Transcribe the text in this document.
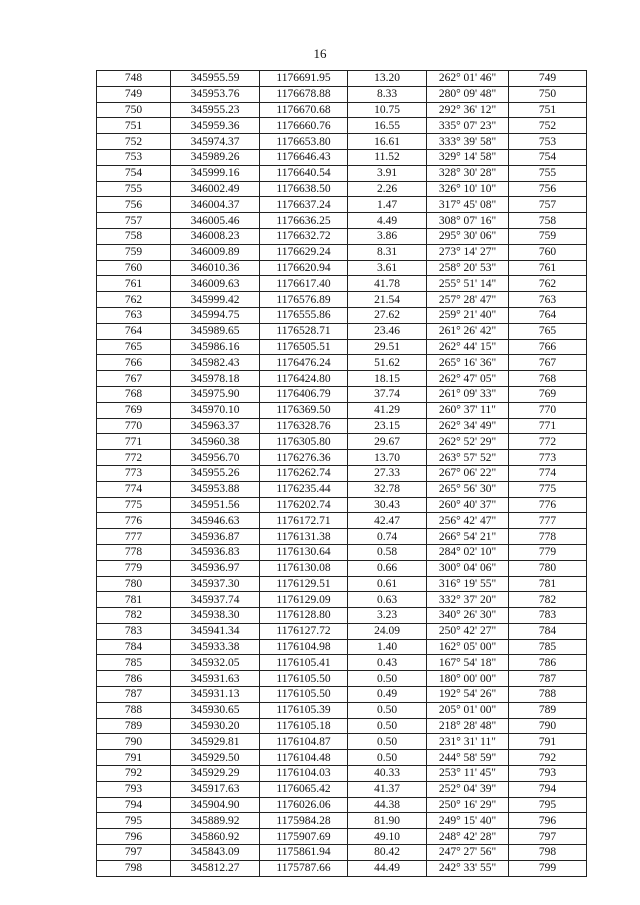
16
748	345955.59	1176691.95	13.20	262° 01' 46"	749
749	345953.76	1176678.88	8.33	280° 09' 48"	750
750	345955.23	1176670.68	10.75	292° 36' 12"	751
751	345959.36	1176660.76	16.55	335° 07' 23"	752
752	345974.37	1176653.80	16.61	333° 39' 58"	753
753	345989.26	1176646.43	11.52	329° 14' 58"	754
754	345999.16	1176640.54	3.91	328° 30' 28"	755
755	346002.49	1176638.50	2.26	326° 10' 10"	756
756	346004.37	1176637.24	1.47	317° 45' 08"	757
757	346005.46	1176636.25	4.49	308° 07' 16"	758
758	346008.23	1176632.72	3.86	295° 30' 06"	759
759	346009.89	1176629.24	8.31	273° 14' 27"	760
760	346010.36	1176620.94	3.61	258° 20' 53"	761
761	346009.63	1176617.40	41.78	255° 51' 14"	762
762	345999.42	1176576.89	21.54	257° 28' 47"	763
763	345994.75	1176555.86	27.62	259° 21' 40"	764
764	345989.65	1176528.71	23.46	261° 26' 42"	765
765	345986.16	1176505.51	29.51	262° 44' 15"	766
766	345982.43	1176476.24	51.62	265° 16' 36"	767
767	345978.18	1176424.80	18.15	262° 47' 05"	768
768	345975.90	1176406.79	37.74	261° 09' 33"	769
769	345970.10	1176369.50	41.29	260° 37' 11"	770
770	345963.37	1176328.76	23.15	262° 34' 49"	771
771	345960.38	1176305.80	29.67	262° 52' 29"	772
772	345956.70	1176276.36	13.70	263° 57' 52"	773
773	345955.26	1176262.74	27.33	267° 06' 22"	774
774	345953.88	1176235.44	32.78	265° 56' 30"	775
775	345951.56	1176202.74	30.43	260° 40' 37"	776
776	345946.63	1176172.71	42.47	256° 42' 47"	777
777	345936.87	1176131.38	0.74	266° 54' 21"	778
778	345936.83	1176130.64	0.58	284° 02' 10"	779
779	345936.97	1176130.08	0.66	300° 04' 06"	780
780	345937.30	1176129.51	0.61	316° 19' 55"	781
781	345937.74	1176129.09	0.63	332° 37' 20"	782
782	345938.30	1176128.80	3.23	340° 26' 30"	783
783	345941.34	1176127.72	24.09	250° 42' 27"	784
784	345933.38	1176104.98	1.40	162° 05' 00"	785
785	345932.05	1176105.41	0.43	167° 54' 18"	786
786	345931.63	1176105.50	0.50	180° 00' 00"	787
787	345931.13	1176105.50	0.49	192° 54' 26"	788
788	345930.65	1176105.39	0.50	205° 01' 00"	789
789	345930.20	1176105.18	0.50	218° 28' 48"	790
790	345929.81	1176104.87	0.50	231° 31' 11"	791
791	345929.50	1176104.48	0.50	244° 58' 59"	792
792	345929.29	1176104.03	40.33	253° 11' 45"	793
793	345917.63	1176065.42	41.37	252° 04' 39"	794
794	345904.90	1176026.06	44.38	250° 16' 29"	795
795	345889.92	1175984.28	81.90	249° 15' 40"	796
796	345860.92	1175907.69	49.10	248° 42' 28"	797
797	345843.09	1175861.94	80.42	247° 27' 56"	798
798	345812.27	1175787.66	44.49	242° 33' 55"	799
